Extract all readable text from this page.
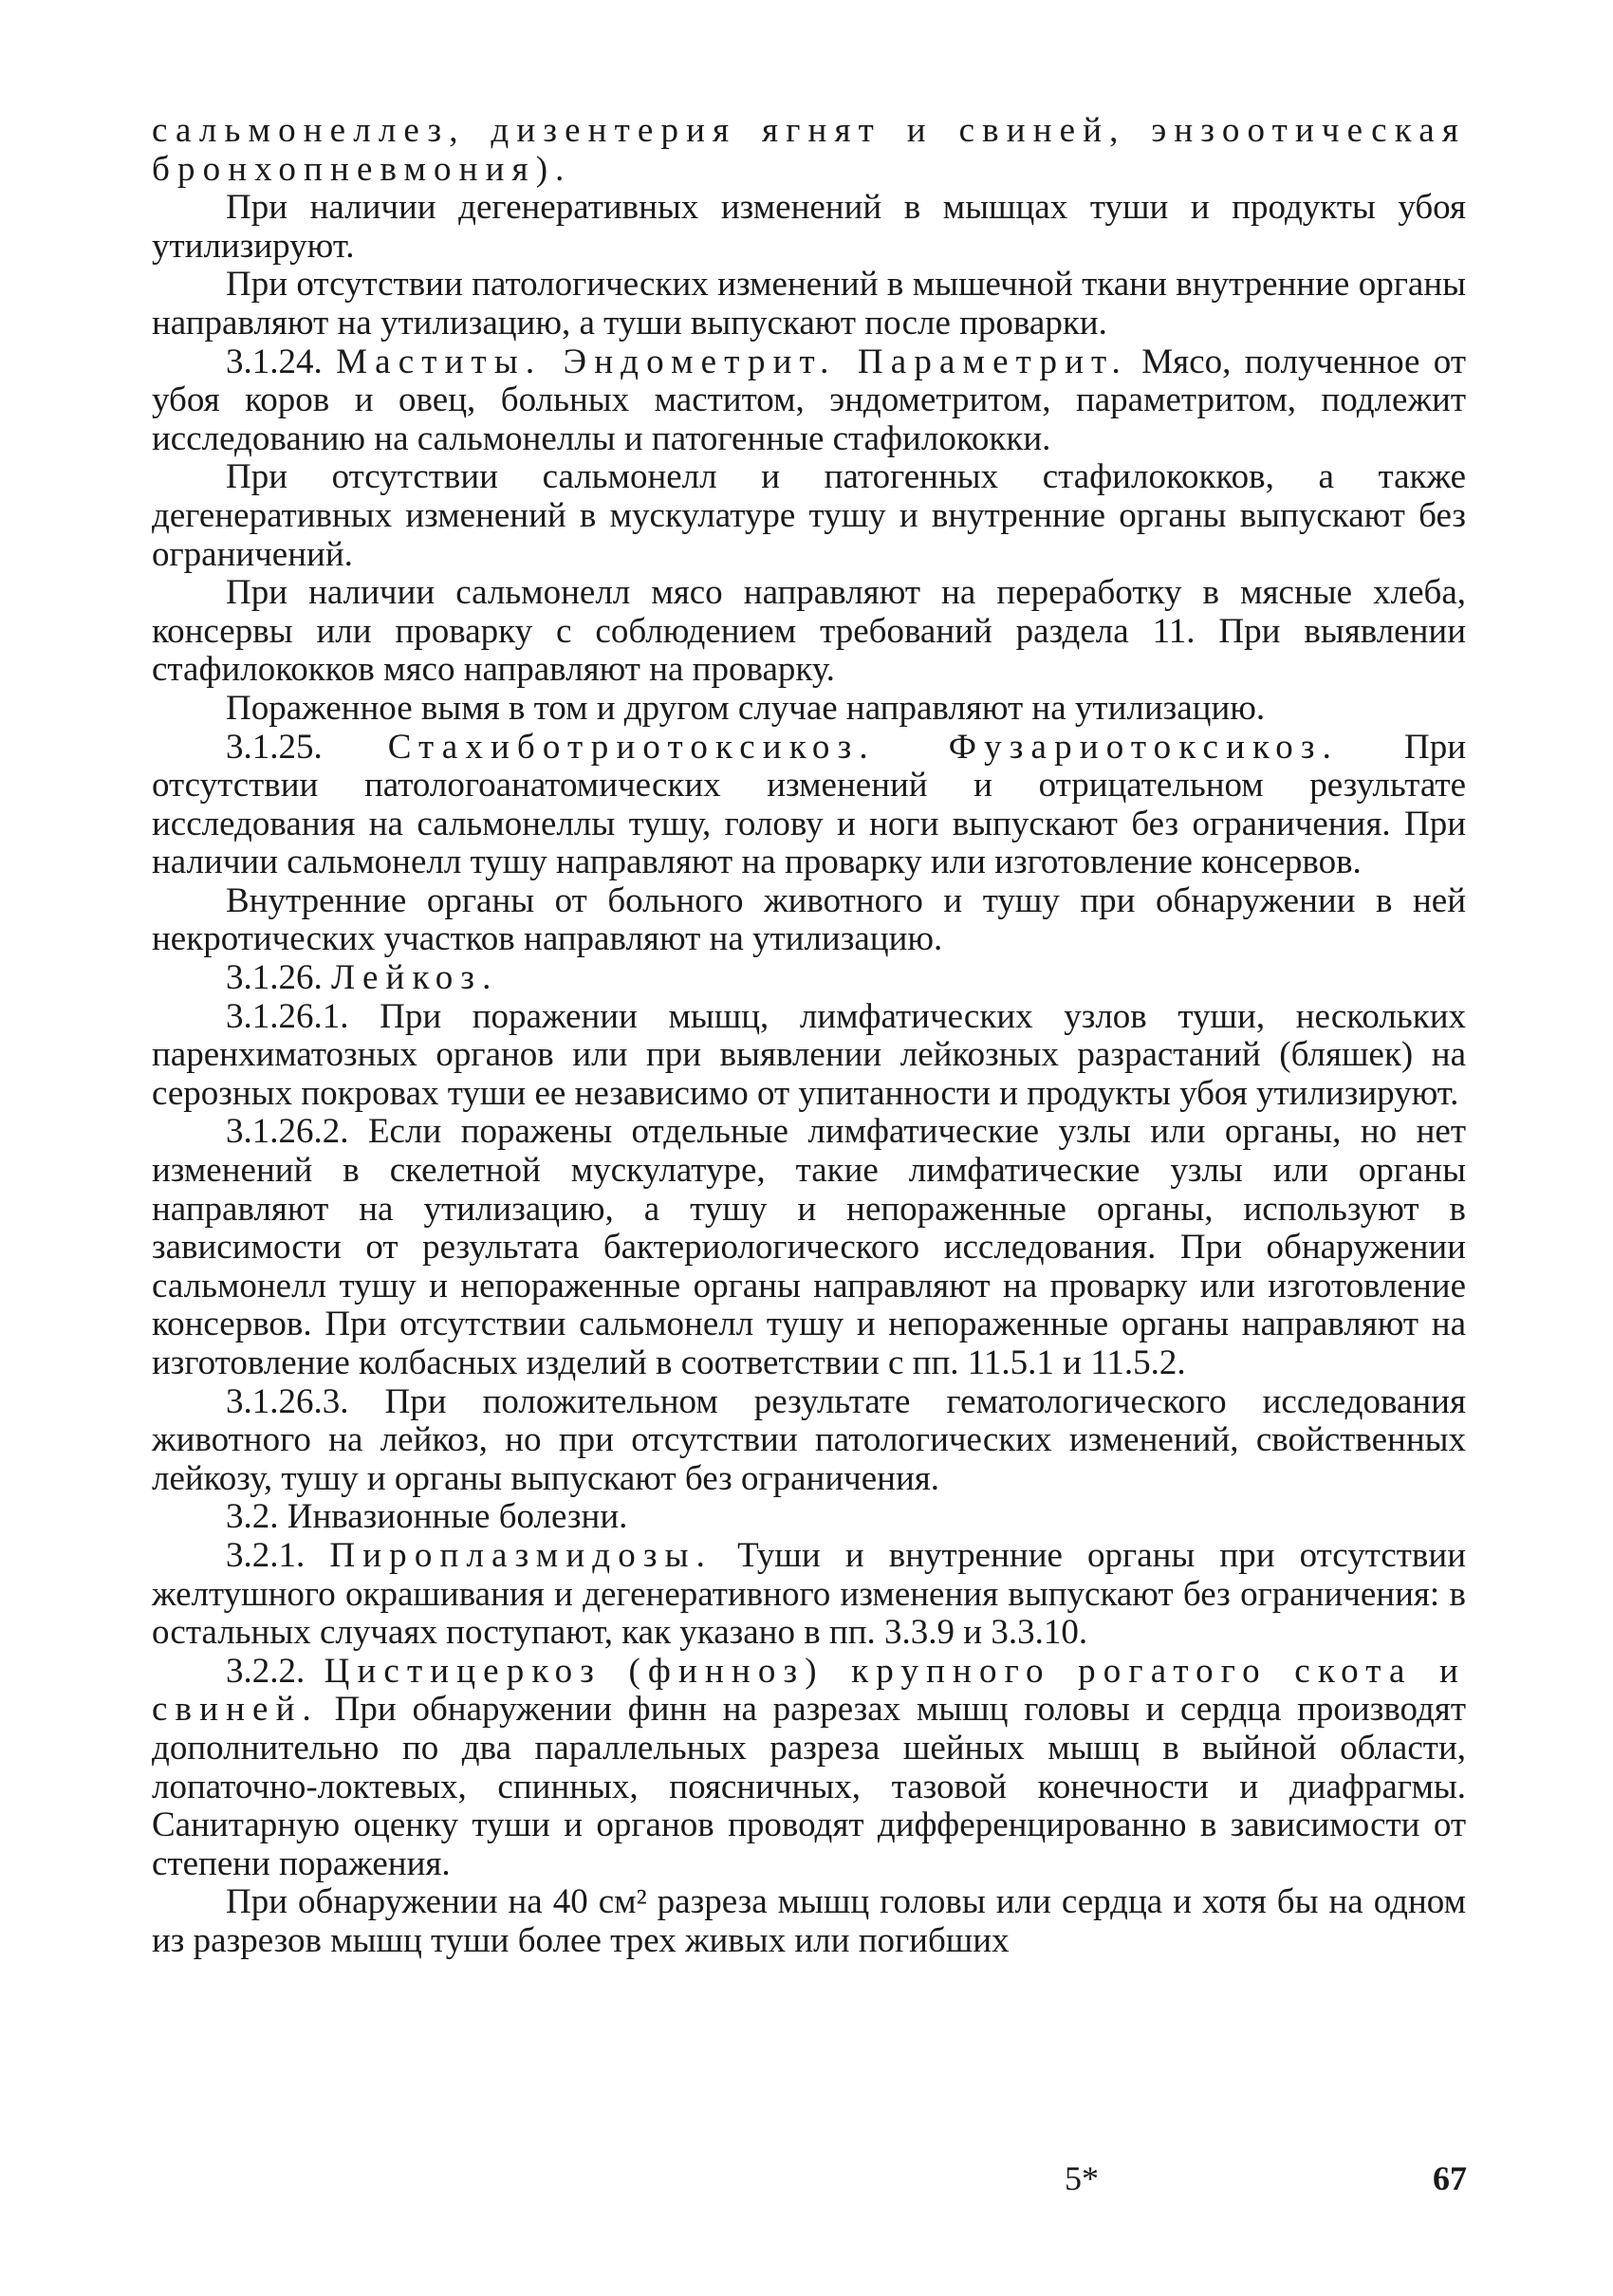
сальмонеллез, дизентерия ягнят и свиней, энзоотическая бронхопневмония).

При наличии дегенеративных изменений в мышцах туши и продукты убоя утилизируют.

При отсутствии патологических изменений в мышечной ткани внутренние органы направляют на утилизацию, а туши выпускают после проварки.

3.1.24. Маститы. Эндометрит. Параметрит. Мясо, полученное от убоя коров и овец, больных маститом, эндометритом, параметритом, подлежит исследованию на сальмонеллы и патогенные стафилококки.

При отсутствии сальмонелл и патогенных стафилококков, а также дегенеративных изменений в мускулатуре тушу и внутренние органы выпускают без ограничений.

При наличии сальмонелл мясо направляют на переработку в мясные хлеба, консервы или проварку с соблюдением требований раздела 11. При выявлении стафилококков мясо направляют на проварку.

Пораженное вымя в том и другом случае направляют на утилизацию.

3.1.25. Стахиботриотоксикоз. Фузариотоксикоз. При отсутствии патологоанатомических изменений и отрицательном результате исследования на сальмонеллы тушу, голову и ноги выпускают без ограничения. При наличии сальмонелл тушу направляют на проварку или изготовление консервов.

Внутренние органы от больного животного и тушу при обнаружении в ней некротических участков направляют на утилизацию.

3.1.26. Лейкоз.

3.1.26.1. При поражении мышц, лимфатических узлов туши, нескольких паренхиматозных органов или при выявлении лейкозных разрастаний (бляшек) на серозных покровах туши ее независимо от упитанности и продукты убоя утилизируют.

3.1.26.2. Если поражены отдельные лимфатические узлы или органы, но нет изменений в скелетной мускулатуре, такие лимфатические узлы или органы направляют на утилизацию, а тушу и непораженные органы, используют в зависимости от результата бактериологического исследования. При обнаружении сальмонелл тушу и непораженные органы направляют на проварку или изготовление консервов. При отсутствии сальмонелл тушу и непораженные органы направляют на изготовление колбасных изделий в соответствии с пп. 11.5.1 и 11.5.2.

3.1.26.3. При положительном результате гематологического исследования животного на лейкоз, но при отсутствии патологических изменений, свойственных лейкозу, тушу и органы выпускают без ограничения.

3.2. Инвазионные болезни.

3.2.1. Пироплазмидозы. Туши и внутренние органы при отсутствии желтушного окрашивания и дегенеративного изменения выпускают без ограничения: в остальных случаях поступают, как указано в пп. 3.3.9 и 3.3.10.

3.2.2. Цистицеркоз (финноз) крупного рогатого скота и свиней. При обнаружении финн на разрезах мышц головы и сердца производят дополнительно по два параллельных разреза шейных мышц в выйной области, лопаточно-локтевых, спинных, поясничных, тазовой конечности и диафрагмы. Санитарную оценку туши и органов проводят дифференцированно в зависимости от степени поражения.

При обнаружении на 40 см² разреза мышц головы или сердца и хотя бы на одном из разрезов мышц туши более трех живых или погибших

5*	67
